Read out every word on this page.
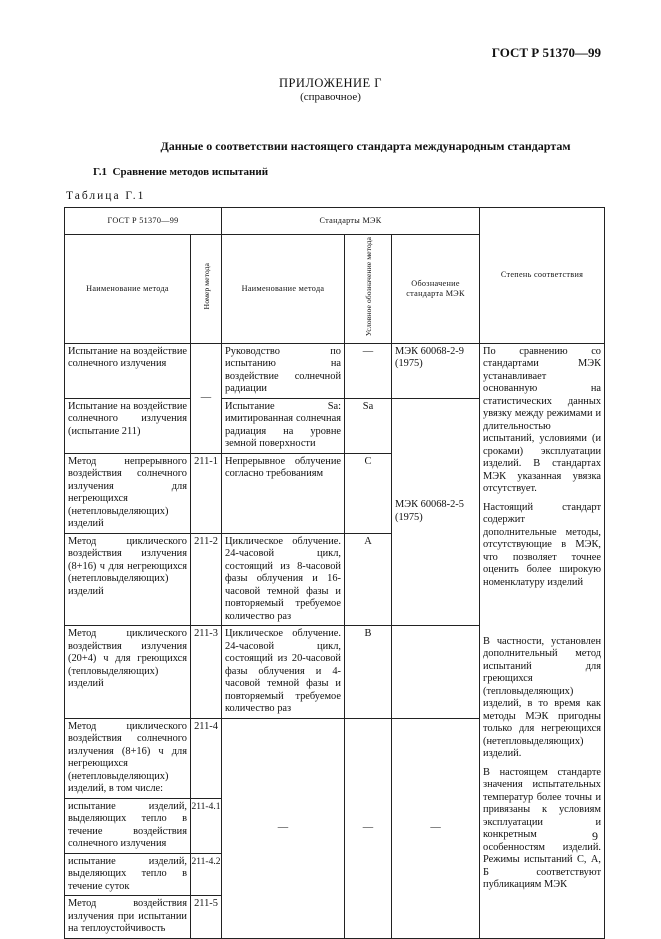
ГОСТ Р 51370—99
ПРИЛОЖЕНИЕ Г
(справочное)
Данные о соответствии настоящего стандарта международным стандартам
Г.1 Сравнение методов испытаний
Таблица Г.1
ГОСТ Р 51370—99		Стандарты МЭК			Степень соответствия
Наименование метода	Номер метода	Наименование метода	Условное обозначение метода	Обозначение стандарта МЭК	
Испытание на воздействие солнечного излучения	—	Руководство по испытанию на воздействие солнечной радиации	—	МЭК 60068-2-9 (1975)	По сравнению со стандартами МЭК устанавливает основанную на статистических данных увязку между режимами и длительностью испытаний, условиями (и сроками) эксплуатации изделий. В стандартах МЭК указанная увязка отсутствует.
Настоящий стандарт содержит дополнительные методы, отсутствующие в МЭК, что позволяет точнее оценить более широкую номенклатуру изделий

Испытание на воздействие солнечного излучения (испытание 211)		Испытание Sa: имитированная солнечная радиация на уровне земной поверхности	Sa	МЭК 60068-2-5 (1975)	
Метод непрерывного воздействия солнечного излучения для негреющихся (нетепловыделяющих) изделий	211-1	Непрерывное облучение согласно требованиям	С		
Метод циклического воздействия излучения (8+16) ч для негреющихся (нетепловыделяющих) изделий	211-2	Циклическое облучение. 24-часовой цикл, состоящий из 8-часовой фазы облучения и 16-часовой темной фазы и повторяемый требуемое количество раз	А		
Метод циклического воздействия излучения (20+4) ч для греющихся (тепловыделяющих) изделий	211-3	Циклическое облучение. 24-часовой цикл, состоящий из 20-часовой фазы облучения и 4-часовой темной фазы и повторяемый требуемое количество раз	В		В частности, установлен дополнительный метод испытаний для греющихся (тепловыделяющих) изделий, в то время как методы МЭК пригодны только для негреющихся (нетепловыделяющих) изделий.
В настоящем стандарте значения испытательных температур более точны и привязаны к условиям эксплуатации и конкретным особенностям изделий. Режимы испытаний С, А, Б соответствуют публикациям МЭК

Метод циклического воздействия солнечного излучения (8+16) ч для негреющихся (нетепловыделяющих) изделий, в том числе:	211-4	—	—	—	
испытание изделий, выделяющих тепло в течение воздействия солнечного излучения	211-4.1				
испытание изделий, выделяющих тепло в течение суток	211-4.2				
Метод воздействия излучения при испытании на теплоустойчивость	211-5				
9
